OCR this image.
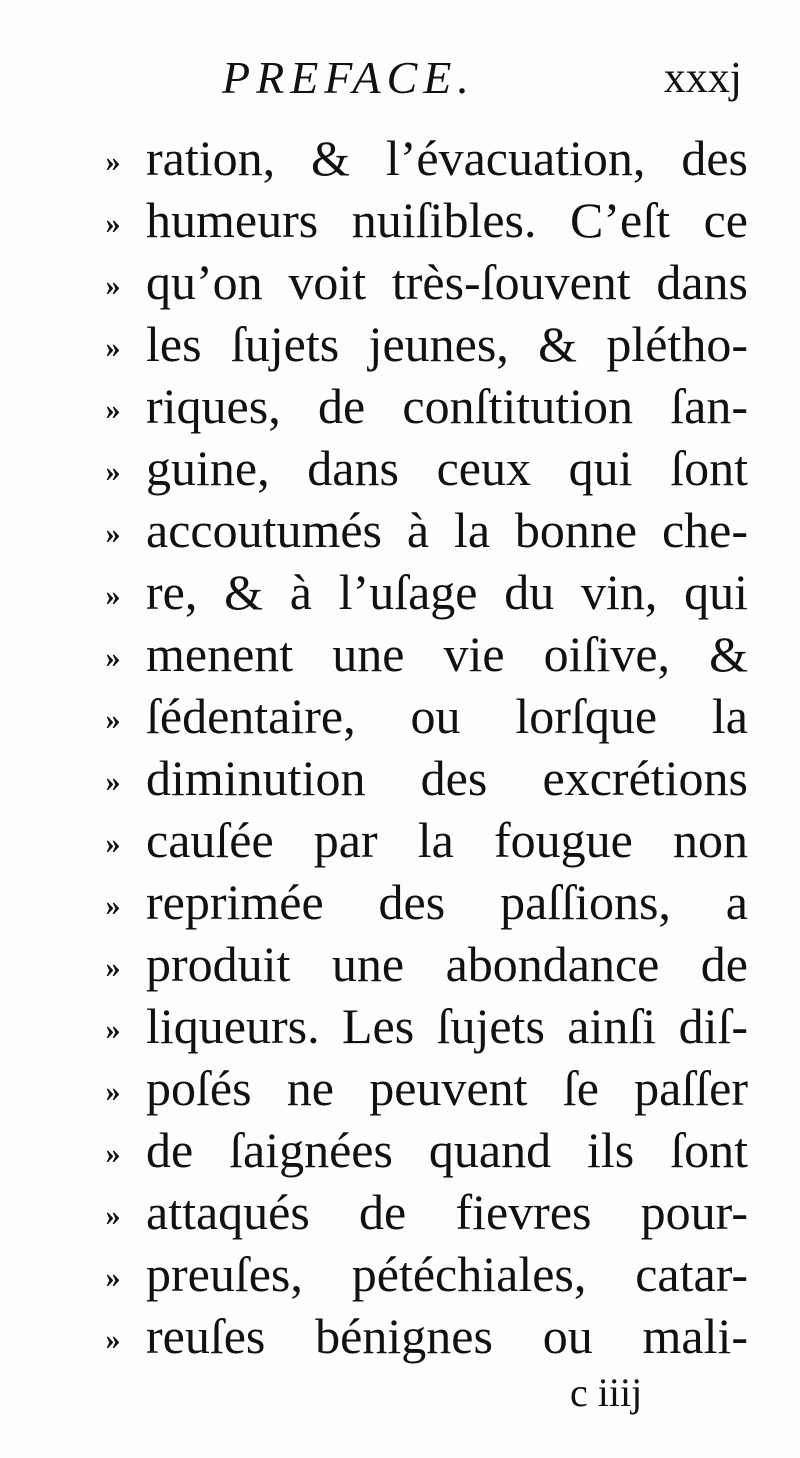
PREFACE.	xxxj
» ration, & l’évacuation, des
» humeurs nuiſibles. C’eſt ce
» qu’on voit très-ſouvent dans
» les ſujets jeunes, & plétho-
» riques, de conſtitution ſan-
» guine, dans ceux qui ſont
» accoutumés à la bonne che-
» re, & à l’uſage du vin, qui
» menent une vie oiſive, &
» ſédentaire, ou lorſque la
» diminution des excrétions
» cauſée par la fougue non
» reprimée des paſſions, a
» produit une abondance de
» liqueurs. Les ſujets ainſi diſ-
» poſés ne peuvent ſe paſſer
» de ſaignées quand ils ſont
» attaqués de fievres pour-
» preuſes, pétéchiales, catar-
» reuſes bénignes ou mali-
c iiij
